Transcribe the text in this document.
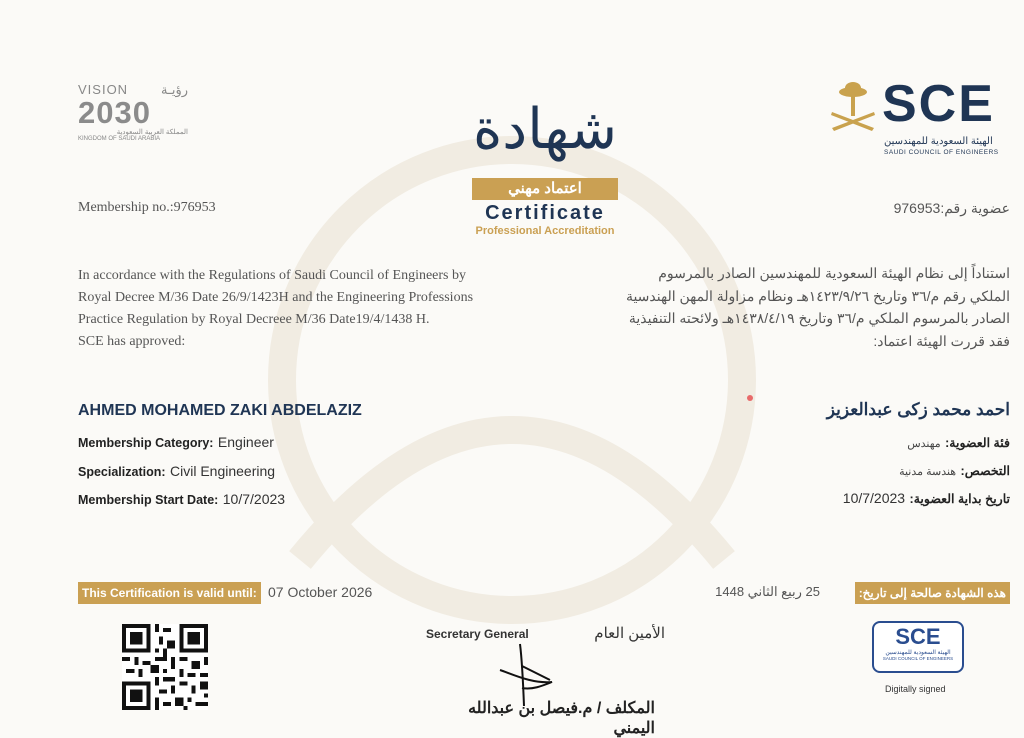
VISION	رؤيـة
2030
المملكة العربية السعودية
KINGDOM OF SAUDI ARABIA
SCE
الهيئة السعودية للمهندسين
SAUDI COUNCIL OF ENGINEERS
شهادة
اعتماد مهني
Certificate
Professional Accreditation
Membership no.:976953	عضوية رقم:976953
In accordance with the Regulations of Saudi Council of Engineers by
Royal Decree M/36 Date 26/9/1423H and the Engineering Professions
Practice Regulation by Royal Decreee M/36 Date19/4/1438 H.
SCE has approved:
استناداً إلى نظام الهيئة السعودية للمهندسين الصادر بالمرسوم
الملكي رقم م/٣٦ وتاريخ ١٤٢٣/٩/٢٦هـ ونظام مزاولة المهن الهندسية
الصادر بالمرسوم الملكي م/٣٦ وتاريخ ١٤٣٨/٤/١٩هـ ولائحته التنفيذية
فقد قررت الهيئة اعتماد:
AHMED MOHAMED ZAKI ABDELAZIZ
Membership Category: Engineer
Specialization: Civil Engineering
Membership Start Date: 10/7/2023
احمد محمد زكى عبدالعزيز
فئة العضوية: مهندس
التخصص: هندسة مدنية
تاريخ بداية العضوية: 10/7/2023
This Certification is valid until: 07 October 2026	هذه الشهادة صالحة إلى تاريخ:
25 ربيع الثاني 1448
Secretary General	الأمين العام
المكلف / م.فيصل بن عبدالله اليمني
SCE
الهيئة السعودية للمهندسين
SAUDI COUNCIL OF ENGINEERS
Digitally signed
